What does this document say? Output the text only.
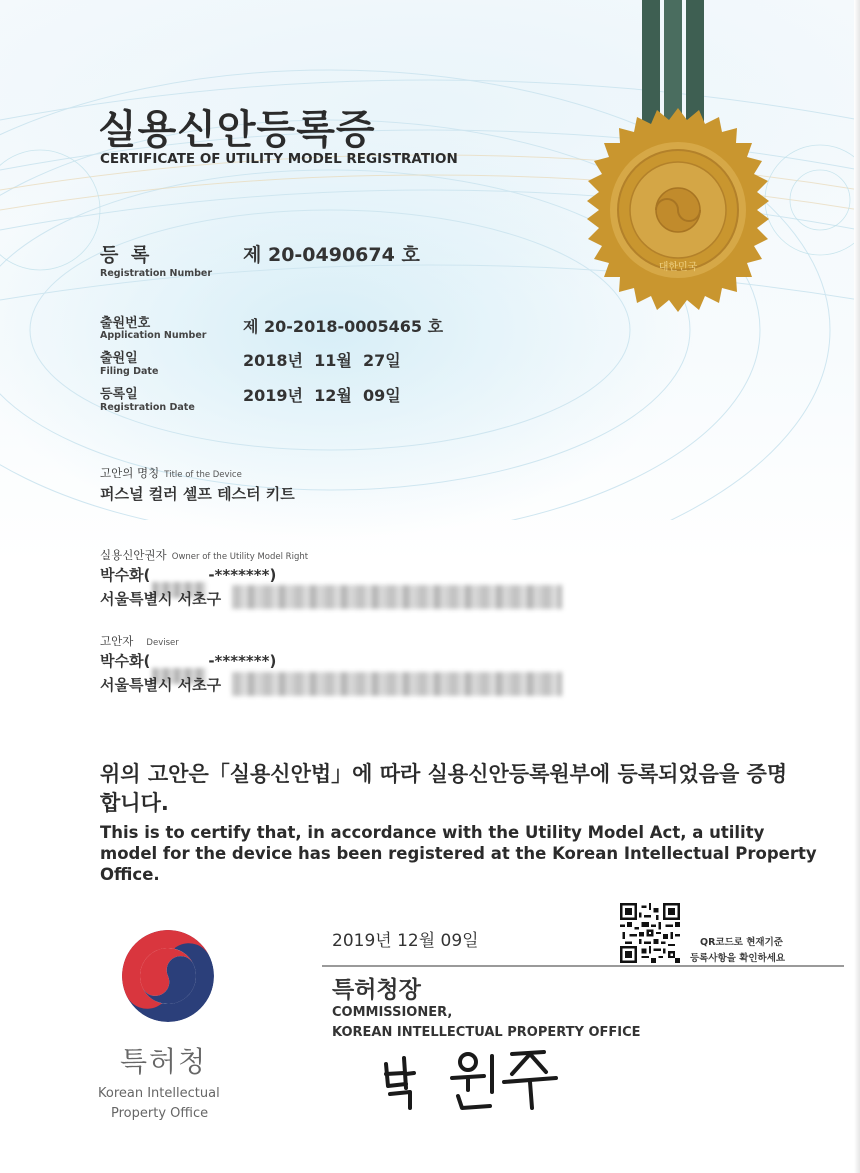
실용신안등록증
CERTIFICATE OF UTILITY MODEL REGISTRATION
대한민국
등 록
Registration Number
제 20-0490674 호
출원번호
Application Number 제 20-2018-0005465 호
출원일
Filing Date
2018년  11월  27일
등록일
Registration Date
2019년  12월  09일
고안의 명칭 Title of the Device
퍼스널 컬러 셀프 테스터 키트
실용신안권자 Owner of the Utility Model Right
박수화(	-*******)
서울특별시 서초구
고안자 Deviser
박수화(	-*******)
서울특별시 서초구
위의 고안은「실용신안법」에 따라 실용신안등록원부에 등록되었음을 증명합니다.
This is to certify that, in accordance with the Utility Model Act, a utility model for the device has been registered at the Korean Intellectual Property Office.
특허청
Korean Intellectual
Property Office
2019년 12월 09일
특허청장
COMMISSIONER,
KOREAN INTELLECTUAL PROPERTY OFFICE
QR코드로 현재기준
등록사항을 확인하세요
